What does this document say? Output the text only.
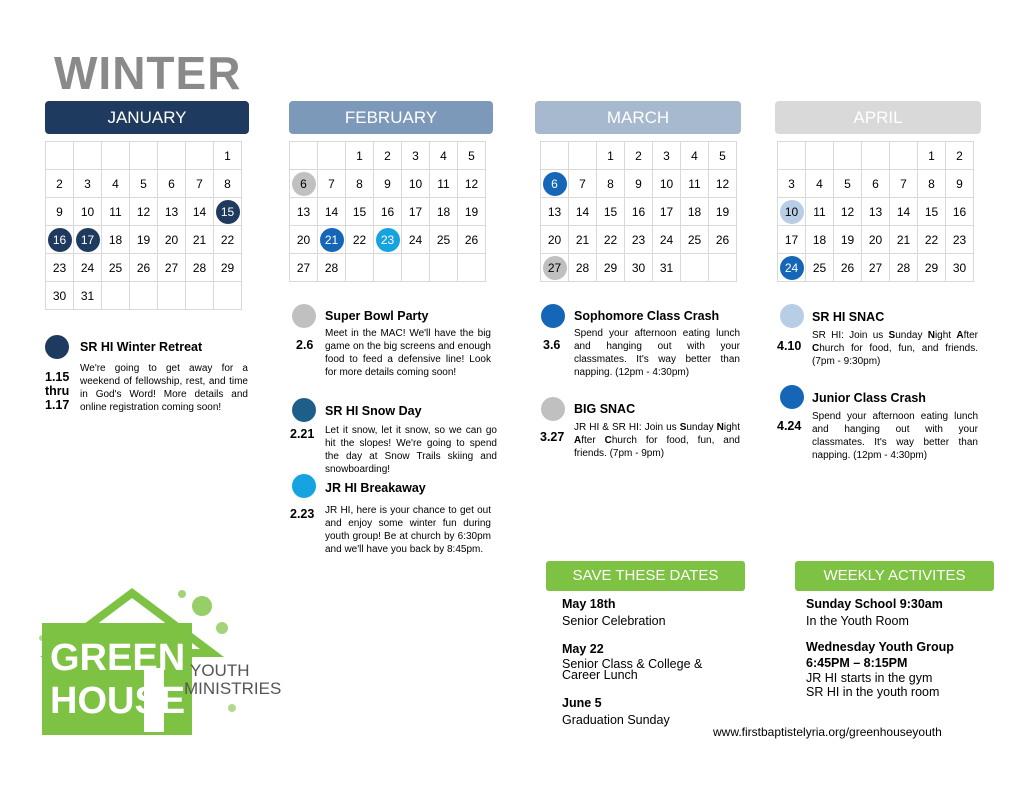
WINTER
JANUARY	FEBRUARY	MARCH	APRIL
						1
2	3	4	5	6	7	8
9	10	11	12	13	14	15
16	17	18	19	20	21	22
23	24	25	26	27	28	29
30	31					
		1	2	3	4	5
6	7	8	9	10	11	12
13	14	15	16	17	18	19
20	21	22	23	24	25	26
27	28					
		1	2	3	4	5
6	7	8	9	10	11	12
13	14	15	16	17	18	19
20	21	22	23	24	25	26
27	28	29	30	31		
					1	2
3	4	5	6	7	8	9
10	11	12	13	14	15	16
17	18	19	20	21	22	23
24	25	26	27	28	29	30
SR HI Winter Retreat
1.15
thru
1.17
We're going to get away for a weekend of fellowship, rest, and time in God's Word! More details and online registration coming soon!
Super Bowl Party
2.6
Meet in the MAC! We'll have the big game on the big screens and enough food to feed a defensive line! Look for more details coming soon!
SR HI Snow Day
2.21 Let it snow, let it snow, so we can go hit the slopes! We're going to spend the day at Snow Trails skiing and snowboarding!
JR HI Breakaway
2.23 JR HI, here is your chance to get out and enjoy some winter fun during youth group! Be at church by 6:30pm and we'll have you back by 8:45pm.
Sophomore Class Crash
3.6
Spend your afternoon eating lunch and hanging out with your classmates. It's way better than napping. (12pm - 4:30pm)
BIG SNAC
3.27
JR HI & SR HI: Join us Sunday Night After Church for food, fun, and friends. (7pm - 9pm)
SR HI SNAC
4.10
SR HI: Join us Sunday Night After Church for food, fun, and friends. (7pm - 9:30pm)
Junior Class Crash
4.24
Spend your afternoon eating lunch and hanging out with your classmates. It's way better than napping. (12pm - 4:30pm)
SAVE THESE DATES
May 18th
Senior Celebration
May 22
Senior Class & College & Career Lunch
June 5
Graduation Sunday
WEEKLY ACTIVITES
Sunday School 9:30am
In the Youth Room
Wednesday Youth Group
6:45PM – 8:15PM
JR HI starts in the gym
SR HI in the youth room
www.firstbaptistelyria.org/greenhouseyouth
GREEN
HOUSE
YOUTH
MINISTRIES
